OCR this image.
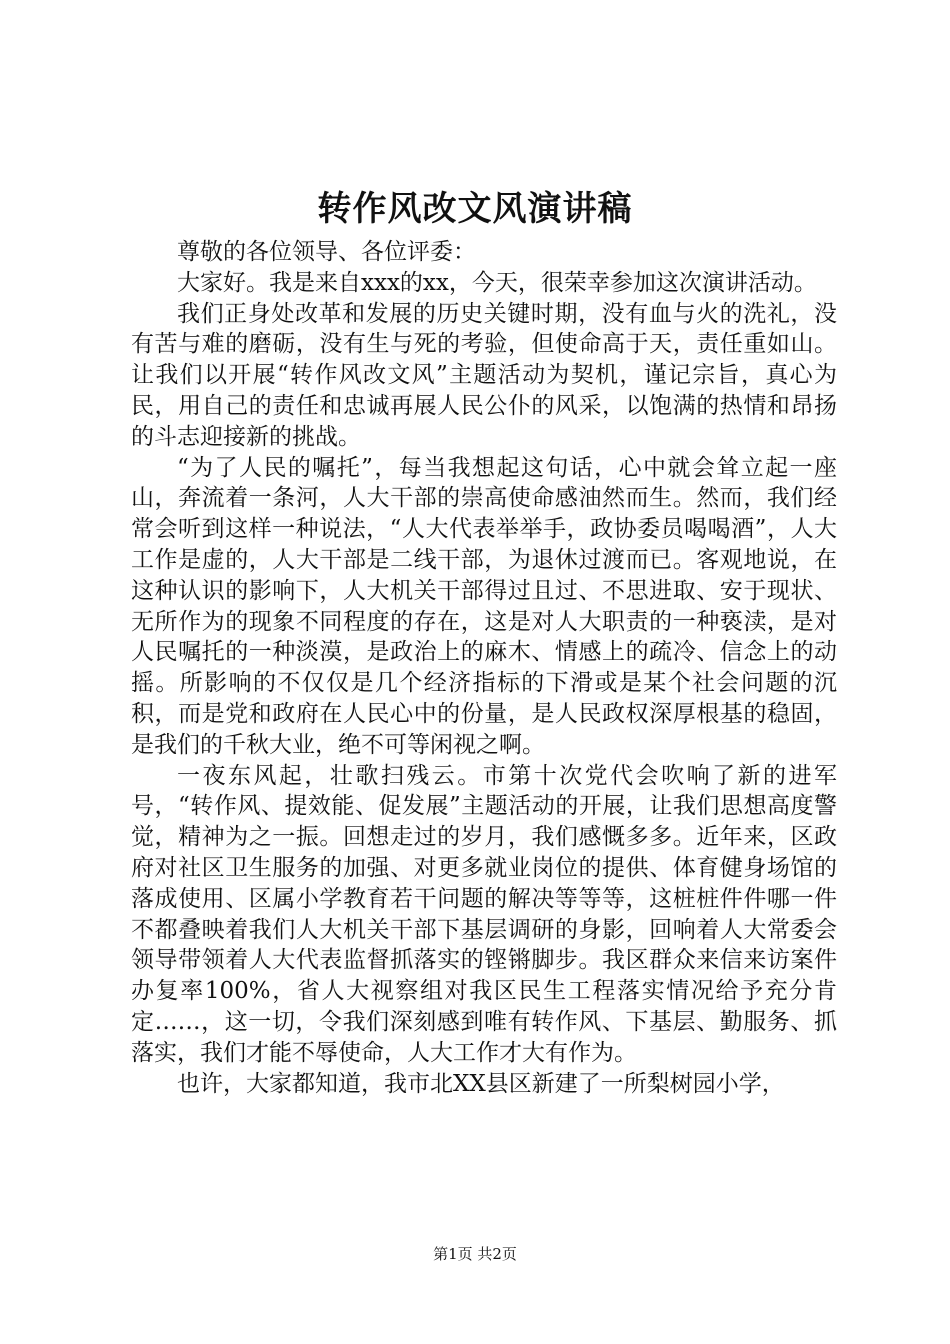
转作风改文风演讲稿

尊敬的各位领导、各位评委：

大家好。我是来自xxx的xx，今天，很荣幸参加这次演讲活动。

我们正身处改革和发展的历史关键时期，没有血与火的洗礼，没有苦与难的磨砺，没有生与死的考验，但使命高于天，责任重如山。让我们以开展“转作风改文风”主题活动为契机，谨记宗旨，真心为民，用自己的责任和忠诚再展人民公仆的风采，以饱满的热情和昂扬的斗志迎接新的挑战。

“为了人民的嘱托”，每当我想起这句话，心中就会耸立起一座山，奔流着一条河，人大干部的崇高使命感油然而生。然而，我们经常会听到这样一种说法，“人大代表举举手，政协委员喝喝酒”，人大工作是虚的，人大干部是二线干部，为退休过渡而已。客观地说，在这种认识的影响下，人大机关干部得过且过、不思进取、安于现状、无所作为的现象不同程度的存在，这是对人大职责的一种亵渎，是对人民嘱托的一种淡漠，是政治上的麻木、情感上的疏冷、信念上的动摇。所影响的不仅仅是几个经济指标的下滑或是某个社会问题的沉积，而是党和政府在人民心中的份量，是人民政权深厚根基的稳固，是我们的千秋大业，绝不可等闲视之啊。

一夜东风起，壮歌扫残云。市第十次党代会吹响了新的进军号，“转作风、提效能、促发展”主题活动的开展，让我们思想高度警觉，精神为之一振。回想走过的岁月，我们感慨多多。近年来，区政府对社区卫生服务的加强、对更多就业岗位的提供、体育健身场馆的落成使用、区属小学教育若干问题的解决等等等，这桩桩件件哪一件不都叠映着我们人大机关干部下基层调研的身影，回响着人大常委会领导带领着人大代表监督抓落实的铿锵脚步。我区群众来信来访案件办复率100%，省人大视察组对我区民生工程落实情况给予充分肯定……，这一切，令我们深刻感到唯有转作风、下基层、勤服务、抓落实，我们才能不辱使命，人大工作才大有作为。

也许，大家都知道，我市北XX县区新建了一所梨树园小学，

第1页 共2页
